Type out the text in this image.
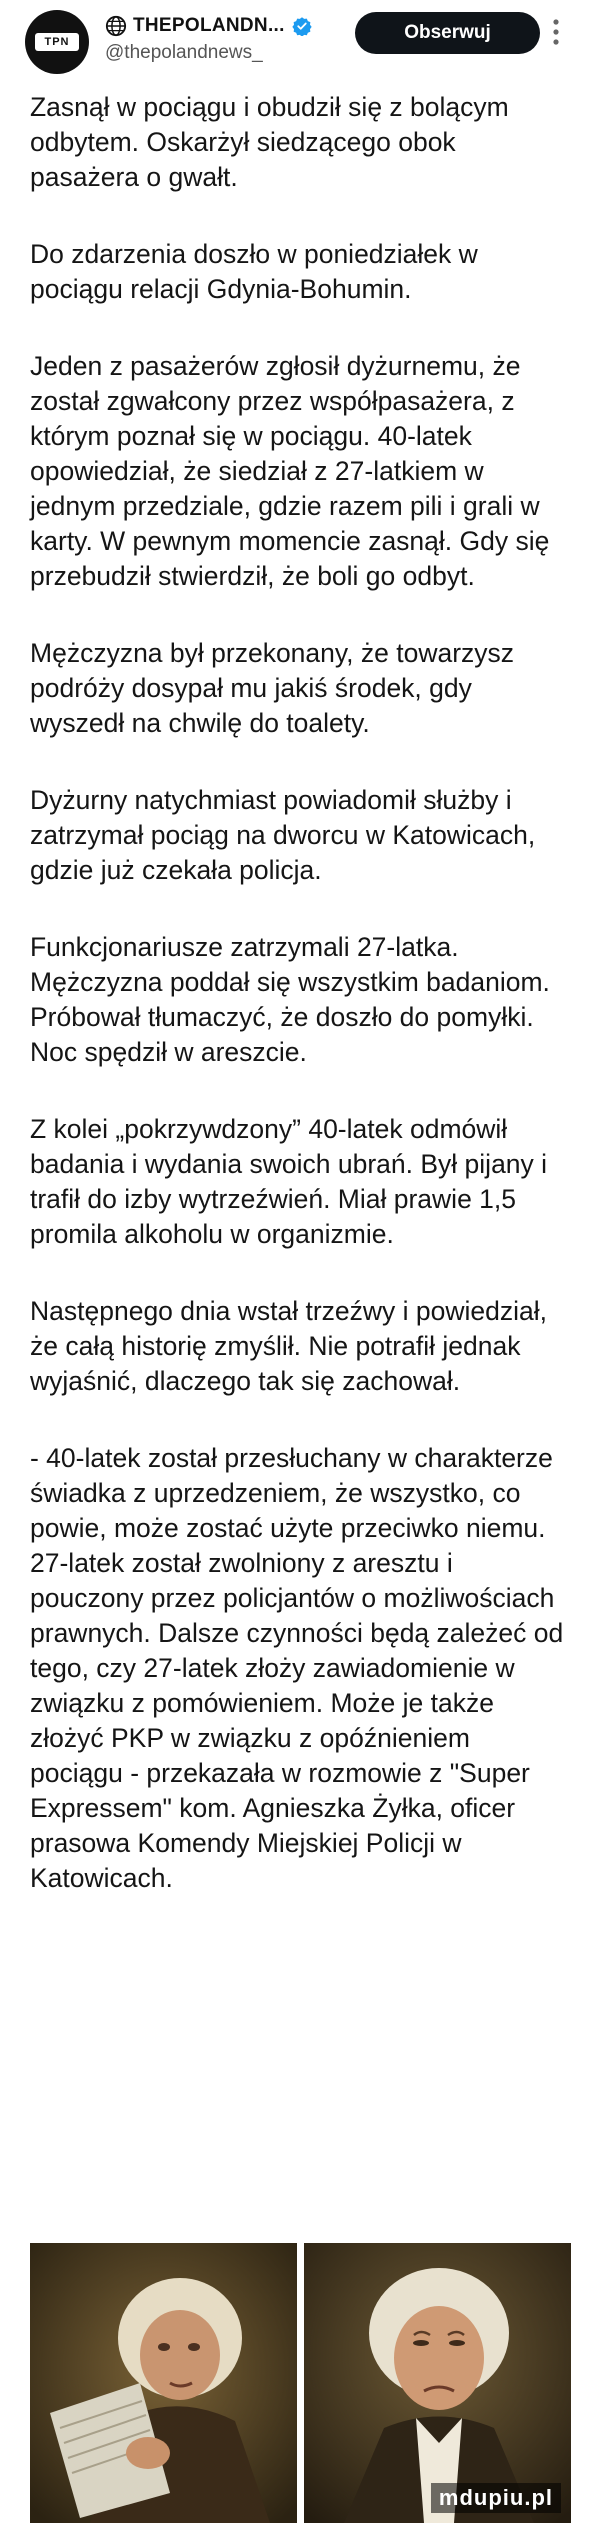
TPN
THEPOLANDN...
@thepolandnews_
Obserwuj

Zasnął w pociągu i obudził się z bolącym odbytem. Oskarżył siedzącego obok pasażera o gwałt.

Do zdarzenia doszło w poniedziałek w pociągu relacji Gdynia-Bohumin.

Jeden z pasażerów zgłosił dyżurnemu, że został zgwałcony przez współpasażera, z którym poznał się w pociągu. 40-latek opowiedział, że siedział z 27-latkiem w jednym przedziale, gdzie razem pili i grali w karty. W pewnym momencie zasnął. Gdy się przebudził stwierdził, że boli go odbyt.

Mężczyzna był przekonany, że towarzysz podróży dosypał mu jakiś środek, gdy wyszedł na chwilę do toalety.

Dyżurny natychmiast powiadomił służby i zatrzymał pociąg na dworcu w Katowicach, gdzie już czekała policja.

Funkcjonariusze zatrzymali 27-latka. Mężczyzna poddał się wszystkim badaniom. Próbował tłumaczyć, że doszło do pomyłki. Noc spędził w areszcie.

Z kolei „pokrzywdzony” 40-latek odmówił badania i wydania swoich ubrań. Był pijany i trafił do izby wytrzeźwień. Miał prawie 1,5 promila alkoholu w organizmie.

Następnego dnia wstał trzeźwy i powiedział, że całą historię zmyślił. Nie potrafił jednak wyjaśnić, dlaczego tak się zachował.

- 40-latek został przesłuchany w charakterze świadka z uprzedzeniem, że wszystko, co powie, może zostać użyte przeciwko niemu. 27-latek został zwolniony z aresztu i pouczony przez policjantów o możliwościach prawnych. Dalsze czynności będą zależeć od tego, czy 27-latek złoży zawiadomienie w związku z pomówieniem. Może je także złożyć PKP w związku z opóźnieniem pociągu - przekazała w rozmowie z "Super Expressem" kom. Agnieszka Żyłka, oficer prasowa Komendy Miejskiej Policji w Katowicach.

mdupiu.pl
